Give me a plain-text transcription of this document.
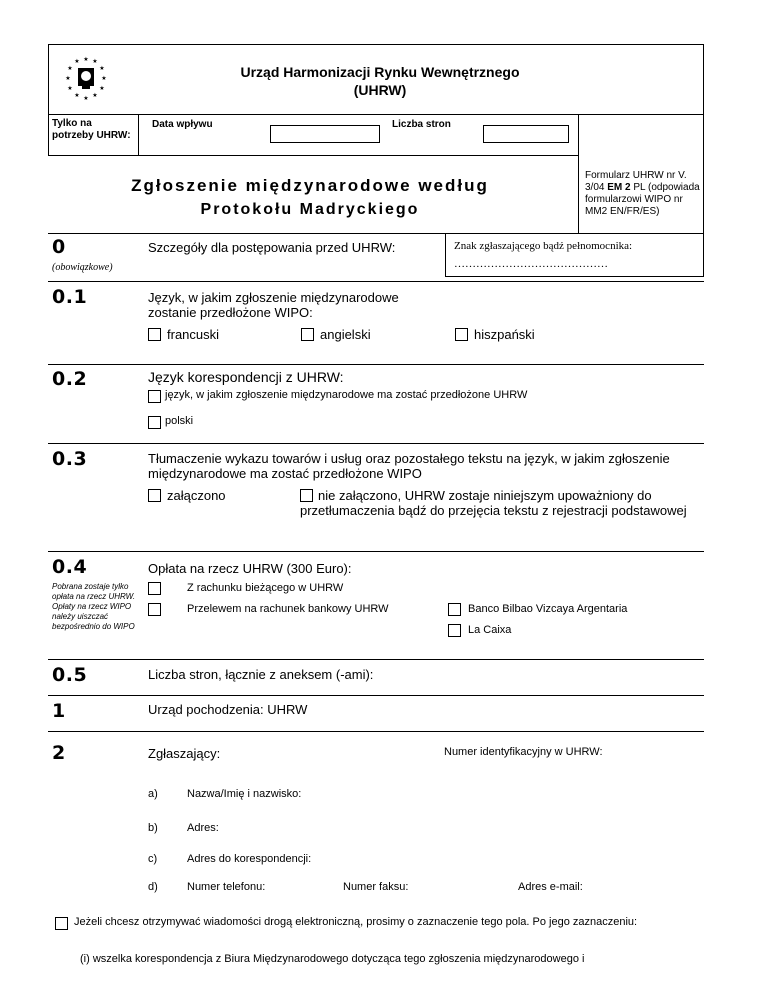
★ ★
★
★
★
★
★
★
★
★
★
★
Urząd Harmonizacji Rynku Wewnętrznego
(UHRW)
Tylko na potrzeby UHRW:
Data wpływu	Liczba stron
Zgłoszenie międzynarodowe według
Protokołu Madryckiego
Formularz UHRW nr V. 3/04 EM 2 PL (odpowiada formularzowi WIPO nr MM2 EN/FR/ES)
0
(obowiązkowe)
Szczegóły dla postępowania przed UHRW:	Znak zgłaszającego bądź pełnomocnika:
……………………………………
0.1	Język, w jakim zgłoszenie międzynarodowe zostanie przedłożone WIPO:
francuski	angielski	hiszpański
0.2	Język korespondencji z UHRW:
język, w jakim zgłoszenie międzynarodowe ma zostać przedłożone UHRW
polski
0.3	Tłumaczenie wykazu towarów i usług oraz pozostałego tekstu na język, w jakim zgłoszenie międzynarodowe ma zostać przedłożone WIPO
załączono	nie załączono, UHRW zostaje niniejszym upoważniony do przetłumaczenia bądź do przejęcia tekstu z rejestracji podstawowej
0.4
Pobrana zostaje tylko opłata na rzecz UHRW. Opłaty na rzecz WIPO należy uiszczać bezpośrednio do WIPO
Opłata na rzecz UHRW (300 Euro):
Z rachunku bieżącego w UHRW
Przelewem na rachunek bankowy UHRW	Banco Bilbao Vizcaya Argentaria
La Caixa
0.5	Liczba stron, łącznie z aneksem (-ami):
1	Urząd pochodzenia: UHRW
2	Zgłaszający:	Numer identyfikacyjny w UHRW:
a)	Nazwa/Imię i nazwisko:
b)	Adres:
c)	Adres do korespondencji:
d)	Numer telefonu:	Numer faksu:	Adres e-mail:
Jeżeli chcesz otrzymywać wiadomości drogą elektroniczną, prosimy o zaznaczenie tego pola. Po jego zaznaczeniu:
(i) wszelka korespondencja z Biura Międzynarodowego dotycząca tego zgłoszenia międzynarodowego i
